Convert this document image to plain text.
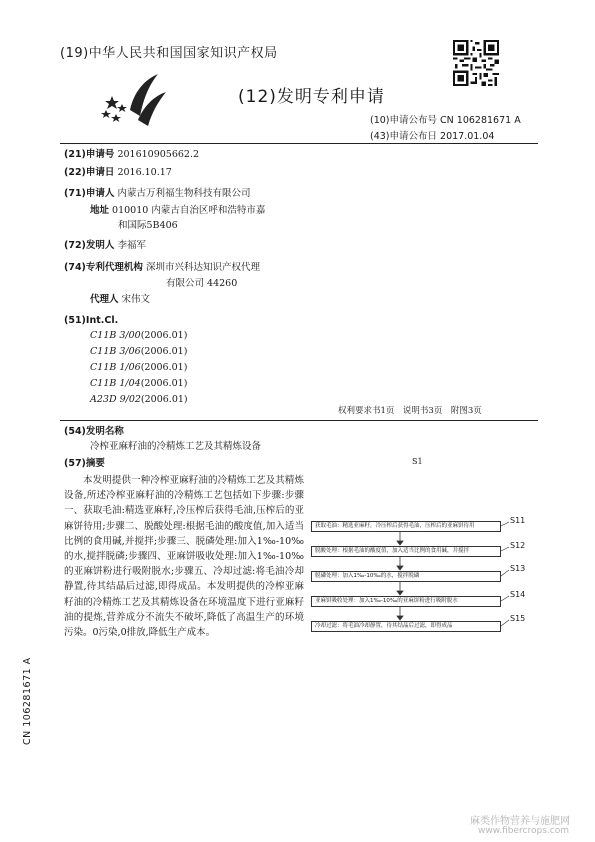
(19)中华人民共和国国家知识产权局
(12)发明专利申请
(10)申请公布号 CN 106281671 A
(43)申请公布日 2017.01.04
(21)申请号 201610905662.2
(22)申请日 2016.10.17
(71)申请人 内蒙古万利福生物科技有限公司
地址 010010 内蒙古自治区呼和浩特市嘉
和国际5B406
(72)发明人 李福军
(74)专利代理机构 深圳市兴科达知识产权代理
有限公司 44260
代理人 宋伟文
(51)Int.Cl.
C11B 3/00(2006.01)
C11B 3/06(2006.01)
C11B 1/06(2006.01)
C11B 1/04(2006.01)
A23D 9/02(2006.01)
权利要求书1页　说明书3页　附图3页
(54)发明名称
冷榨亚麻籽油的冷精炼工艺及其精炼设备
(57)摘要
本发明提供一种冷榨亚麻籽油的冷精炼工艺及其精炼设备,所述冷榨亚麻籽油的冷精炼工艺包括如下步骤:步骤一、获取毛油:精选亚麻籽,冷压榨后获得毛油,压榨后的亚麻饼待用;步骤二、脱酸处理:根据毛油的酸度值,加入适当比例的食用碱,并搅拌;步骤三、脱磷处理:加入1‰-10‰的水,搅拌脱磷;步骤四、亚麻饼吸收处理:加入1‰-10‰的亚麻饼粉进行吸附脱水;步骤五、冷却过滤:将毛油冷却静置,待其结晶后过滤,即得成品。本发明提供的冷榨亚麻籽油的冷精炼工艺及其精炼设备在环境温度下进行亚麻籽油的提炼,营养成分不流失不破坏,降低了高温生产的环境污染。0污染,0排放,降低生产成本。
S1
获取毛油：精选亚麻籽，冷压榨后获得毛油，压榨后的亚麻饼待用
S11
脱酸处理：根据毛油的酸度值，加入适当比例的食用碱，并搅拌
S12
脱磷处理：加入1‰-10‰的水，搅拌脱磷
S13
亚麻饼吸收处理：加入1‰-10‰的亚麻饼粉进行吸附脱水
S14
冷却过滤：将毛油冷却静置，待其结晶后过滤，即得成品
S15
CN 106281671 A
麻类作物营养与施肥网
www.fibercrops.com
